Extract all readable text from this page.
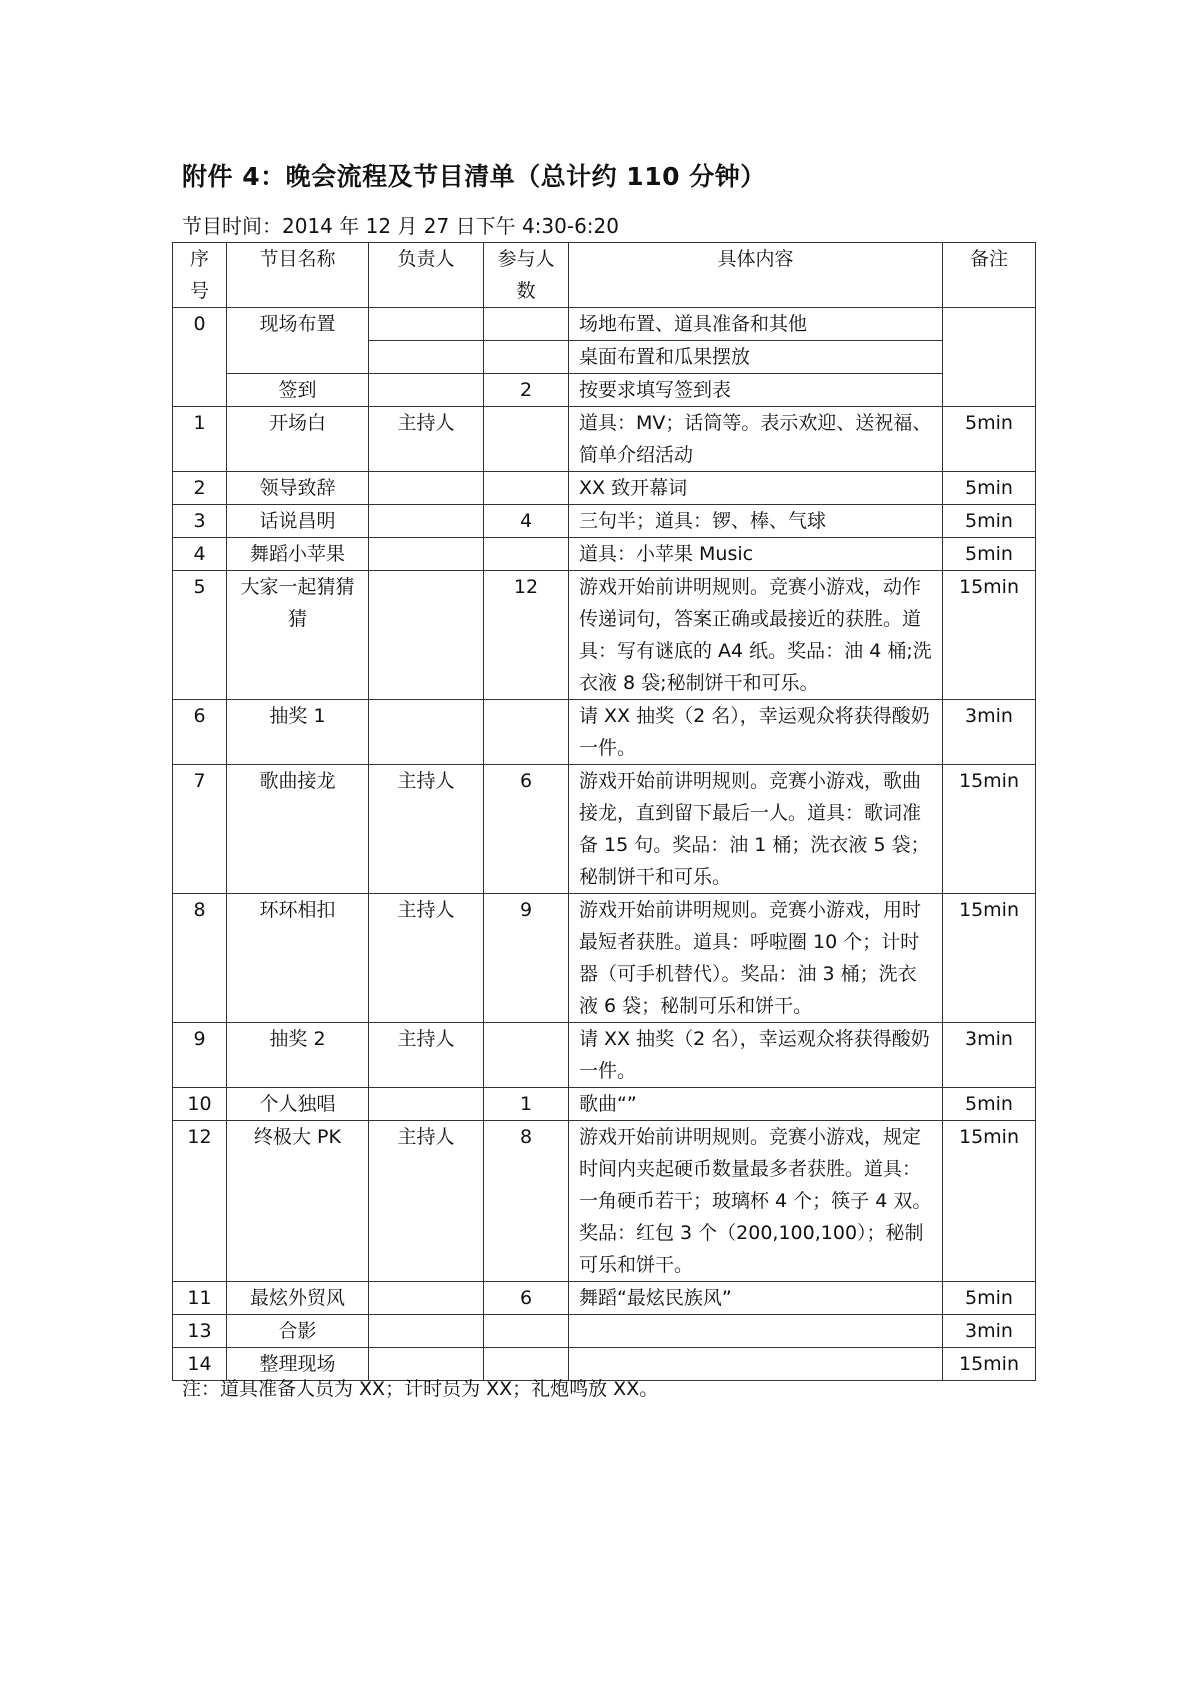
附件 4：晚会流程及节目清单（总计约 110 分钟）
节目时间：2014 年 12 月 27 日下午 4:30-6:20
序号	节目名称	负责人	参与人数	具体内容	备注
0	现场布置			场地布置、道具准备和其他	
				桌面布置和瓜果摆放	
	签到		2	按要求填写签到表	
1	开场白	主持人		道具：MV；话筒等。表示欢迎、送祝福、简单介绍活动	5min
2	领导致辞			XX 致开幕词	5min
3	话说昌明		4	三句半；道具：锣、棒、气球	5min
4	舞蹈小苹果			道具：小苹果 Music	5min
5	大家一起猜猜猜		12	游戏开始前讲明规则。竞赛小游戏，动作传递词句，答案正确或最接近的获胜。道具：写有谜底的 A4 纸。奖品：油 4 桶;洗衣液 8 袋;秘制饼干和可乐。	15min
6	抽奖 1			请 XX 抽奖（2 名），幸运观众将获得酸奶一件。	3min
7	歌曲接龙	主持人	6	游戏开始前讲明规则。竞赛小游戏，歌曲接龙，直到留下最后一人。道具：歌词准备 15 句。奖品：油 1 桶；洗衣液 5 袋；秘制饼干和可乐。	15min
8	环环相扣	主持人	9	游戏开始前讲明规则。竞赛小游戏，用时最短者获胜。道具：呼啦圈 10 个；计时器（可手机替代）。奖品：油 3 桶；洗衣液 6 袋；秘制可乐和饼干。	15min
9	抽奖 2	主持人		请 XX 抽奖（2 名），幸运观众将获得酸奶一件。	3min
10	个人独唱		1	歌曲“”	5min
12	终极大 PK	主持人	8	游戏开始前讲明规则。竞赛小游戏，规定时间内夹起硬币数量最多者获胜。道具：一角硬币若干；玻璃杯 4 个；筷子 4 双。奖品：红包 3 个（200,100,100）；秘制可乐和饼干。	15min
11	最炫外贸风		6	舞蹈“最炫民族风”	5min
13	合影				3min
14	整理现场				15min
注：道具准备人员为 XX；计时员为 XX；礼炮鸣放 XX。
